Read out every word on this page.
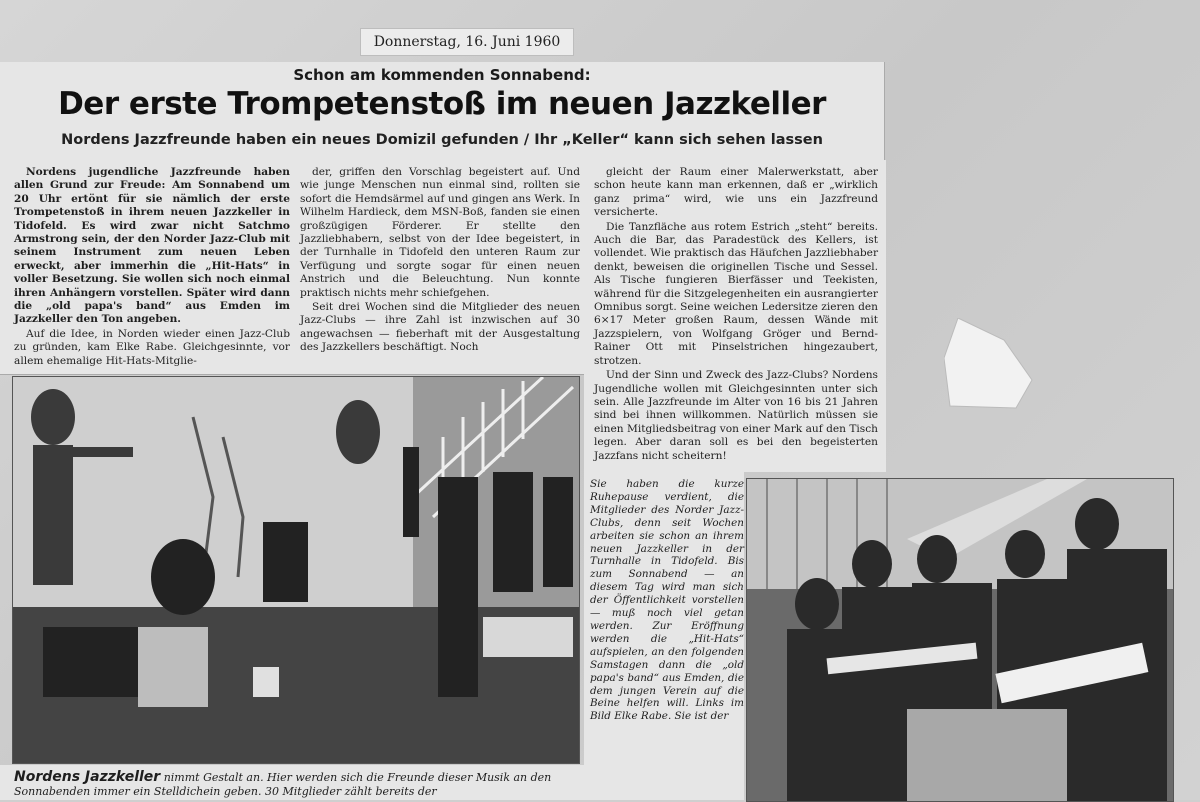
Donnerstag, 16. Juni 1960
Schon am kommenden Sonnabend:
Der erste Trompetenstoß im neuen Jazzkeller
Nordens Jazzfreunde haben ein neues Domizil gefunden / Ihr „Keller“ kann sich sehen lassen

Nordens jugendliche Jazzfreunde haben allen Grund zur Freude: Am Sonnabend um 20 Uhr ertönt für sie nämlich der erste Trompetenstoß in ihrem neuen Jazzkeller in Tidofeld. Es wird zwar nicht Satchmo Armstrong sein, der den Norder Jazz-Club mit seinem Instrument zum neuen Leben erweckt, aber immerhin die „Hit-Hats“ in voller Besetzung. Sie wollen sich noch einmal ihren Anhängern vorstellen. Später wird dann die „old papa's band“ aus Emden im Jazzkeller den Ton angeben.

Auf die Idee, in Norden wieder einen Jazz-Club zu gründen, kam Elke Rabe. Gleichgesinnte, vor allem ehemalige Hit-Hats-Mitglie-

der, griffen den Vorschlag begeistert auf. Und wie junge Menschen nun einmal sind, rollten sie sofort die Hemdsärmel auf und gingen ans Werk. In Wilhelm Hardieck, dem MSN-Boß, fanden sie einen großzügigen Förderer. Er stellte den Jazzliebhabern, selbst von der Idee begeistert, in der Turnhalle in Tidofeld den unteren Raum zur Verfügung und sorgte sogar für einen neuen Anstrich und die Beleuchtung. Nun konnte praktisch nichts mehr schiefgehen.

Seit drei Wochen sind die Mitglieder des neuen Jazz-Clubs — ihre Zahl ist inzwischen auf 30 angewachsen — fieberhaft mit der Ausgestaltung des Jazzkellers beschäftigt. Noch

gleicht der Raum einer Malerwerkstatt, aber schon heute kann man erkennen, daß er „wirklich ganz prima“ wird, wie uns ein Jazzfreund versicherte.

Die Tanzfläche aus rotem Estrich „steht“ bereits. Auch die Bar, das Paradestück des Kellers, ist vollendet. Wie praktisch das Häufchen Jazzliebhaber denkt, beweisen die originellen Tische und Sessel. Als Tische fungieren Bierfässer und Teekisten, während für die Sitzgelegenheiten ein ausrangierter Omnibus sorgt. Seine weichen Ledersitze zieren den 6×17 Meter großen Raum, dessen Wände mit Jazzspielern, von Wolfgang Gröger und Bernd-Rainer Ott mit Pinselstrichen hingezaubert, strotzen.

Und der Sinn und Zweck des Jazz-Clubs? Nordens Jugendliche wollen mit Gleichgesinnten unter sich sein. Alle Jazzfreunde im Alter von 16 bis 21 Jahren sind bei ihnen willkommen. Natürlich müssen sie einen Mitgliedsbeitrag von einer Mark auf den Tisch legen. Aber daran soll es bei den begeisterten Jazzfans nicht scheitern!

Sie haben die kurze Ruhepause verdient, die Mitglieder des Norder Jazz-Clubs, denn seit Wochen arbeiten sie schon an ihrem neuen Jazzkeller in der Turnhalle in Tidofeld. Bis zum Sonnabend — an diesem Tag wird man sich der Öffentlichkeit vorstellen — muß noch viel getan werden. Zur Eröffnung werden die „Hit-Hats“ aufspielen, an den folgenden Samstagen dann die „old papa's band“ aus Emden, die dem jungen Verein auf die Beine helfen will. Links im Bild Elke Rabe. Sie ist der
Nordens Jazzkeller nimmt Gestalt an. Hier werden sich die Freunde dieser Musik an den Sonnabenden immer ein Stelldichein geben. 30 Mitglieder zählt bereits der
